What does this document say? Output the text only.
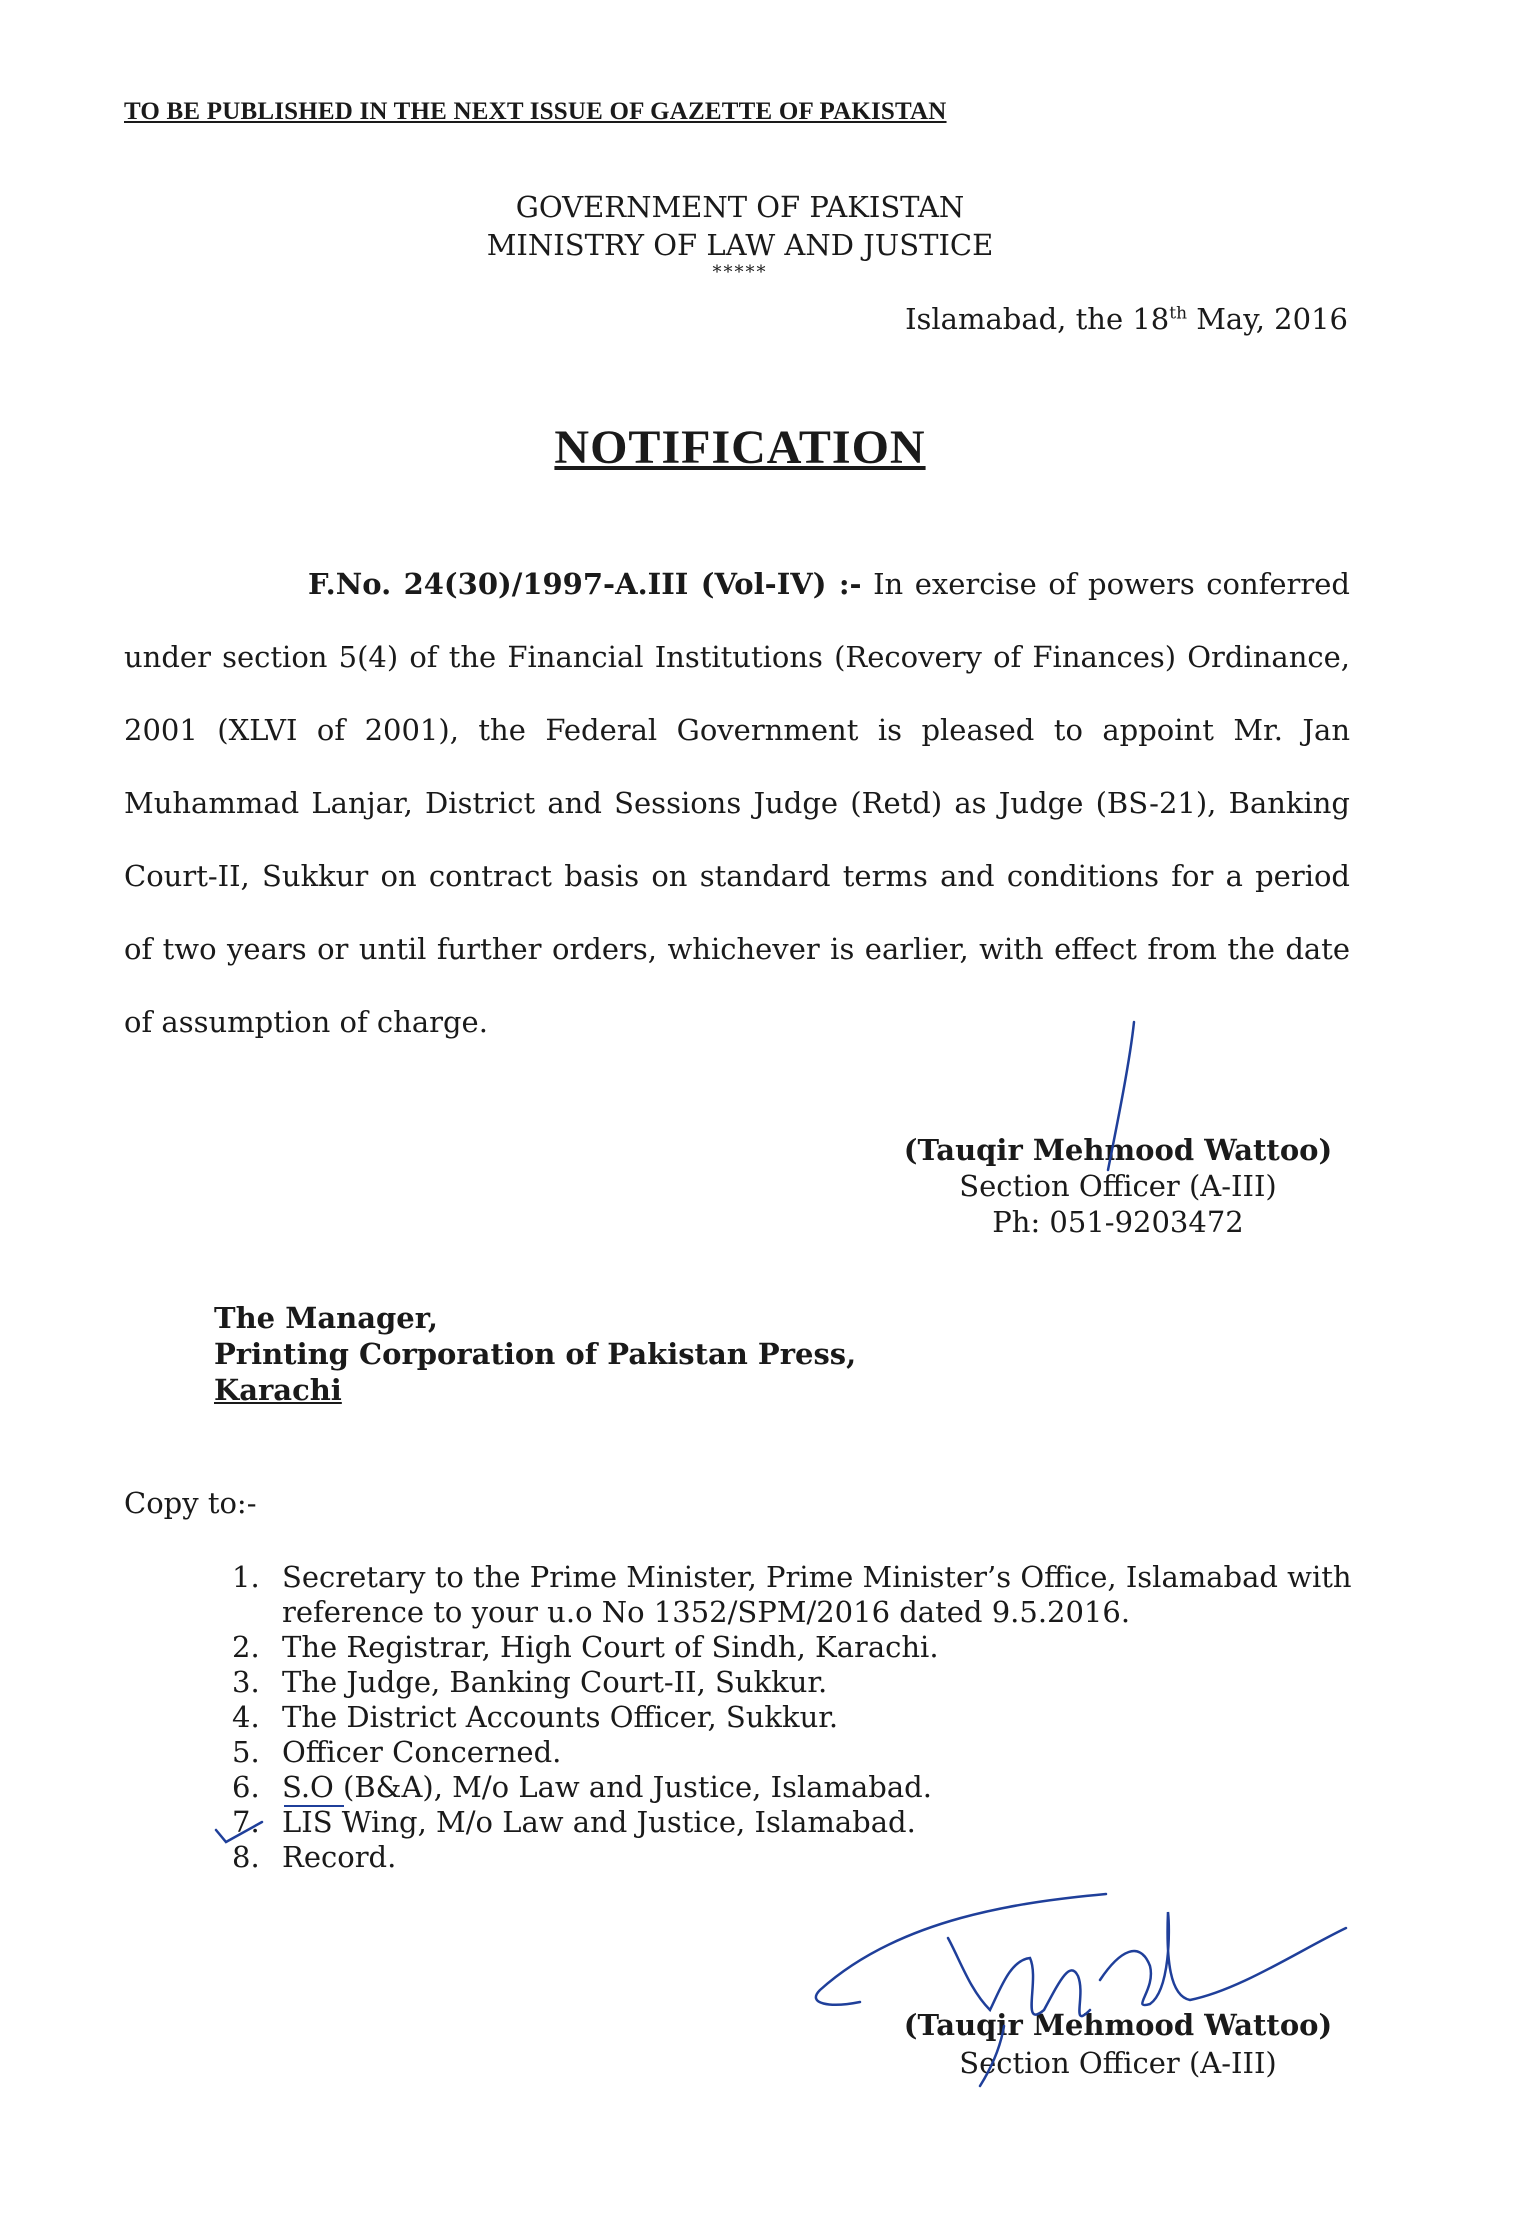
TO BE PUBLISHED IN THE NEXT ISSUE OF GAZETTE OF PAKISTAN
GOVERNMENT OF PAKISTAN
MINISTRY OF LAW AND JUSTICE
*****
Islamabad, the 18th May, 2016
NOTIFICATION
F.No. 24(30)/1997-A.III (Vol-IV) :- In exercise of powers conferred under section 5(4) of the Financial Institutions (Recovery of Finances) Ordinance, 2001 (XLVI of 2001), the Federal Government is pleased to appoint Mr. Jan Muhammad Lanjar, District and Sessions Judge (Retd) as Judge (BS-21), Banking Court-II, Sukkur on contract basis on standard terms and conditions for a period of two years or until further orders, whichever is earlier, with effect from the date of assumption of charge.
(Tauqir Mehmood Wattoo)
Section Officer (A-III)
Ph: 051-9203472
The Manager,
Printing Corporation of Pakistan Press,
Karachi
Copy to:-
1. Secretary to the Prime Minister, Prime Minister’s Office, Islamabad with reference to your u.o No 1352/SPM/2016 dated 9.5.2016.
2. The Registrar, High Court of Sindh, Karachi.
3. The Judge, Banking Court-II, Sukkur.
4. The District Accounts Officer, Sukkur.
5. Officer Concerned.
6. S.O (B&A), M/o Law and Justice, Islamabad.
7. LIS Wing, M/o Law and Justice, Islamabad.
8. Record.
(Tauqir Mehmood Wattoo)
Section Officer (A-III)
